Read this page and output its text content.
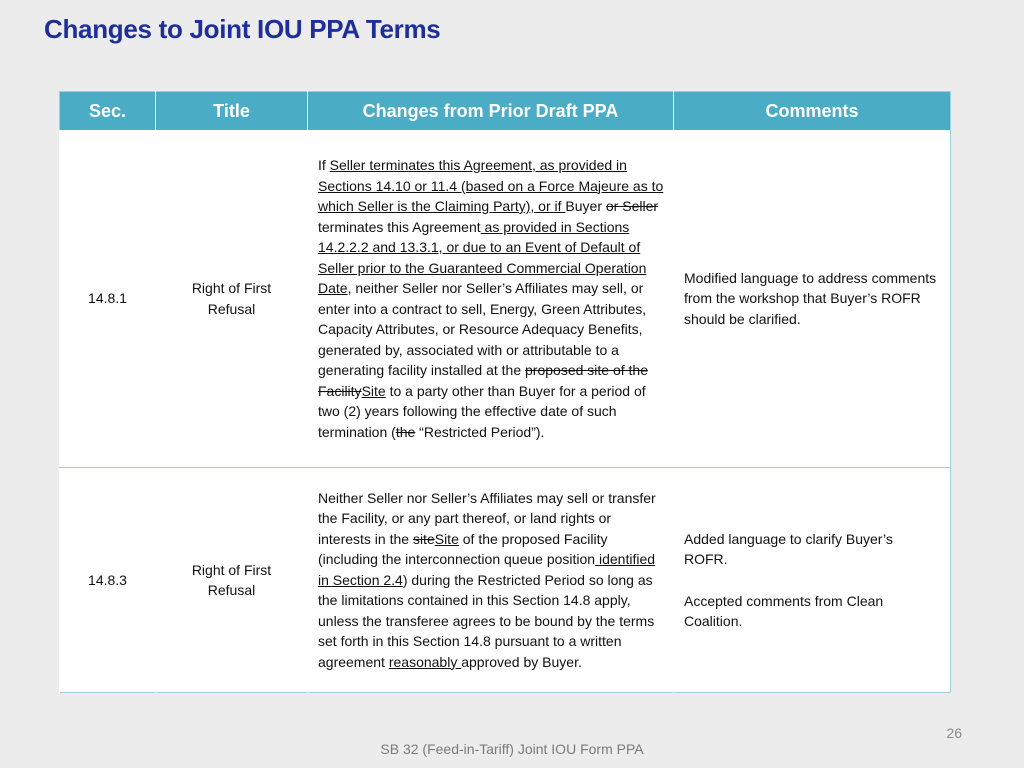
Changes to Joint IOU PPA Terms
Sec.	Title	Changes from Prior Draft PPA	Comments
14.8.1	Right of First Refusal	If Seller terminates this Agreement, as provided in Sections 14.10 or 11.4 (based on a Force Majeure as to which Seller is the Claiming Party), or if Buyer or Seller terminates this Agreement as provided in Sections 14.2.2.2 and 13.3.1, or due to an Event of Default of Seller prior to the Guaranteed Commercial Operation Date, neither Seller nor Seller’s Affiliates may sell, or enter into a contract to sell, Energy, Green Attributes, Capacity Attributes, or Resource Adequacy Benefits, generated by, associated with or attributable to a generating facility installed at the proposed site of the FacilitySite to a party other than Buyer for a period of two (2) years following the effective date of such termination (the “Restricted Period”).	Modified language to address comments from the workshop that Buyer’s ROFR should be clarified.

14.8.3	Right of First Refusal	Neither Seller nor Seller’s Affiliates may sell or transfer the Facility, or any part thereof, or land rights or interests in the siteSite of the proposed Facility (including the interconnection queue position identified in Section 2.4) during the Restricted Period so long as the limitations contained in this Section 14.8 apply, unless the transferee agrees to be bound by the terms set forth in this Section 14.8 pursuant to a written agreement reasonably approved by Buyer.	Added language to clarify Buyer’s ROFR.
Accepted comments from Clean Coalition.
26
SB 32 (Feed-in-Tariff) Joint IOU Form PPA
